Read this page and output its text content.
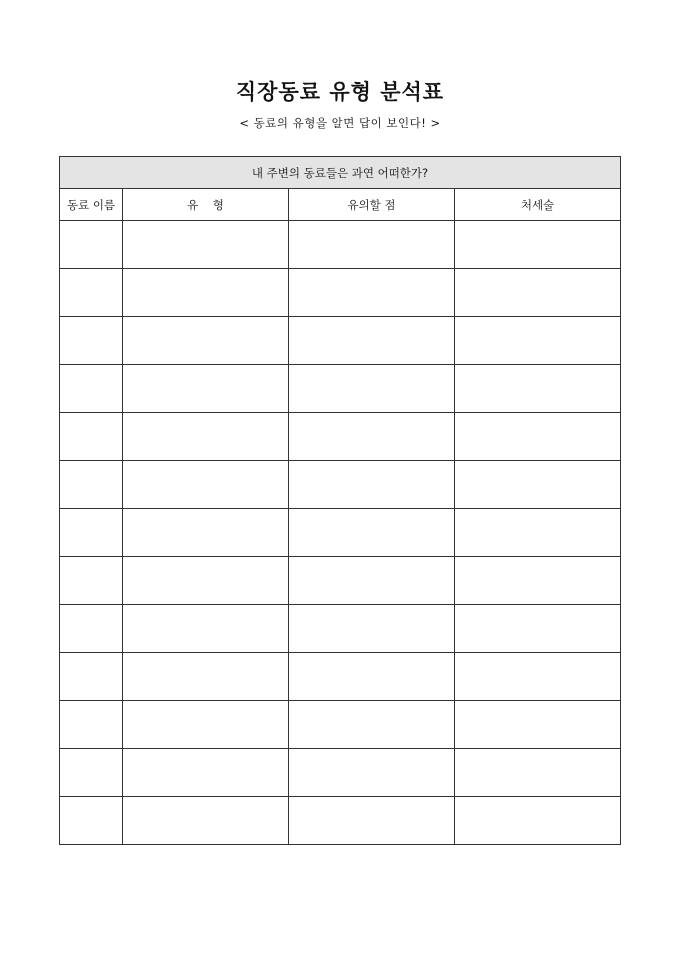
직장동료 유형 분석표
< 동료의 유형을 알면 답이 보인다! >
내 주변의 동료들은 과연 어떠한가?			
동료 이름	유    형	유의할 점	처세술
